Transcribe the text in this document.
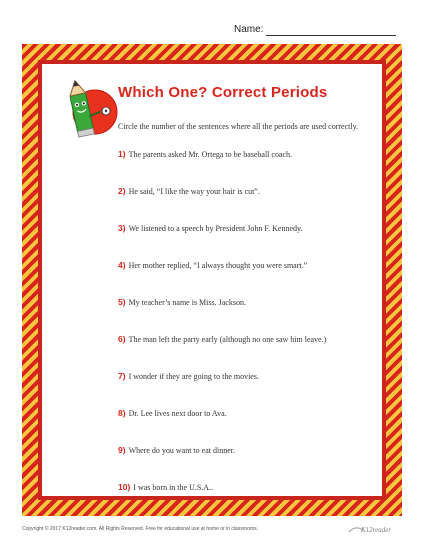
Name:
Which One? Correct Periods
Circle the number of the sentences where all the periods are used correctly.
1) The parents asked Mr. Ortega to be baseball coach.
2) He said, “I like the way your hair is cut”.
3) We listened to a speech by President John F. Kennedy.
4) Her mother replied, “I always thought you were smart.”
5) My teacher’s name is Miss. Jackson.
6) The man left the party early (although no one saw him leave.)
7) I wonder if they are going to the movies.
8) Dr. Lee lives next door to Ava.
9) Where do you want to eat dinner.
10) I was born in the U.S.A..
Copyright © 2017 K12reader.com. All Rights Reserved. Free for educational use at home or in classrooms.	K12reader
